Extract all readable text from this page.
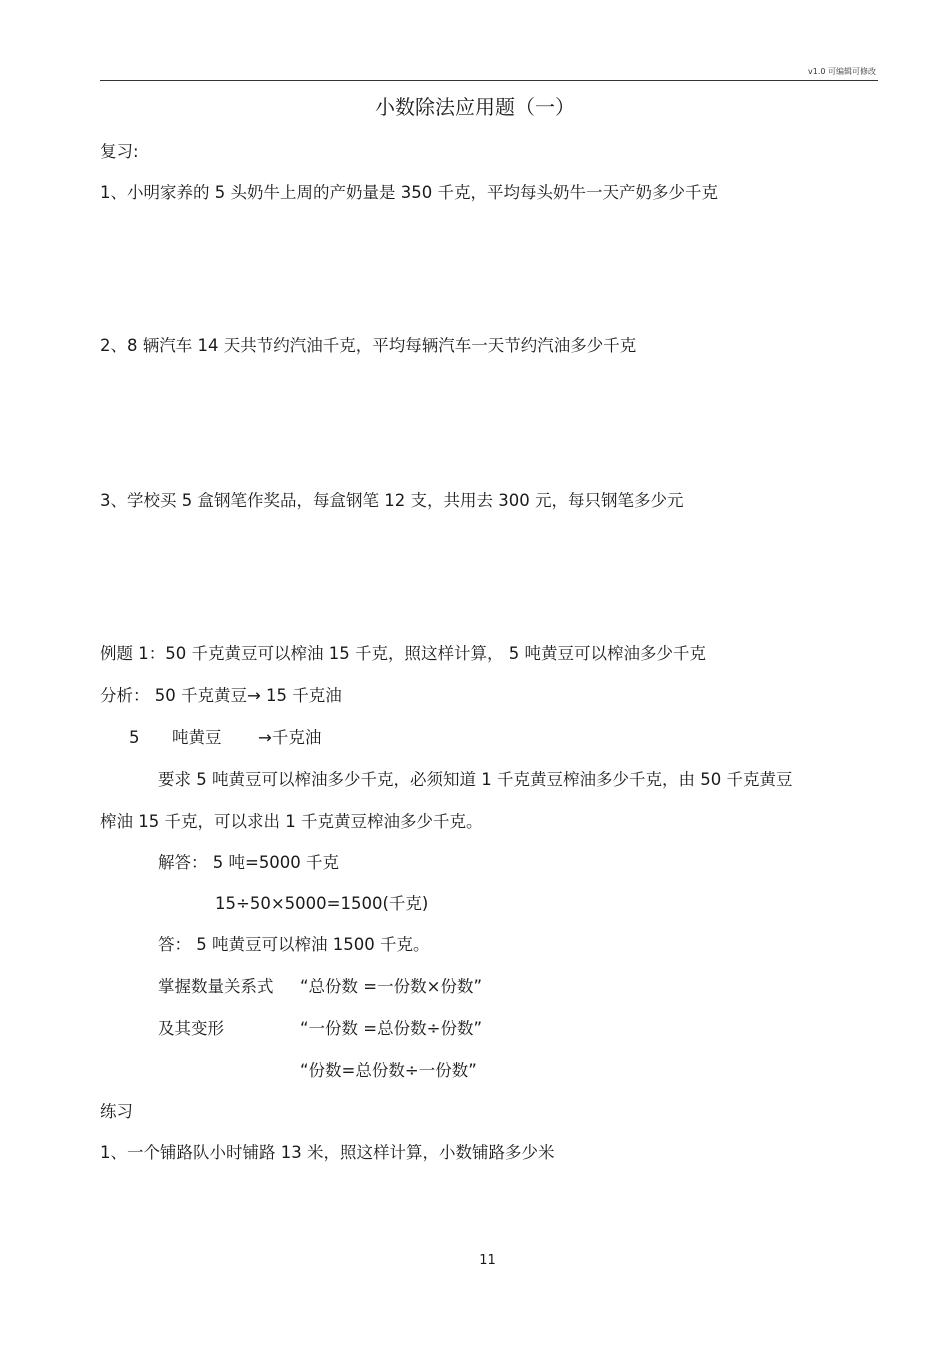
v1.0 可编辑可修改
小数除法应用题（一）
复习:
1、小明家养的 5 头奶牛上周的产奶量是 350 千克，平均每头奶牛一天产奶多少千克
2、8 辆汽车 14 天共节约汽油千克，平均每辆汽车一天节约汽油多少千克
3、学校买 5 盒钢笔作奖品，每盒钢笔 12 支，共用去 300 元，每只钢笔多少元
例题 1：50 千克黄豆可以榨油 15 千克，照这样计算， 5 吨黄豆可以榨油多少千克
分析： 50 千克黄豆→ 15 千克油
5 吨黄豆 →千克油
要求 5 吨黄豆可以榨油多少千克，必须知道 1 千克黄豆榨油多少千克，由 50 千克黄豆
榨油 15 千克，可以求出 1 千克黄豆榨油多少千克。
解答： 5 吨=5000 千克
15÷50×5000=1500(千克)
答： 5 吨黄豆可以榨油 1500 千克。
掌握数量关系式 “总份数 =一份数×份数”
及其变形	“一份数 =总份数÷份数”
“份数=总份数÷一份数”
练习
1、一个铺路队小时铺路 13 米，照这样计算，小数铺路多少米
11
